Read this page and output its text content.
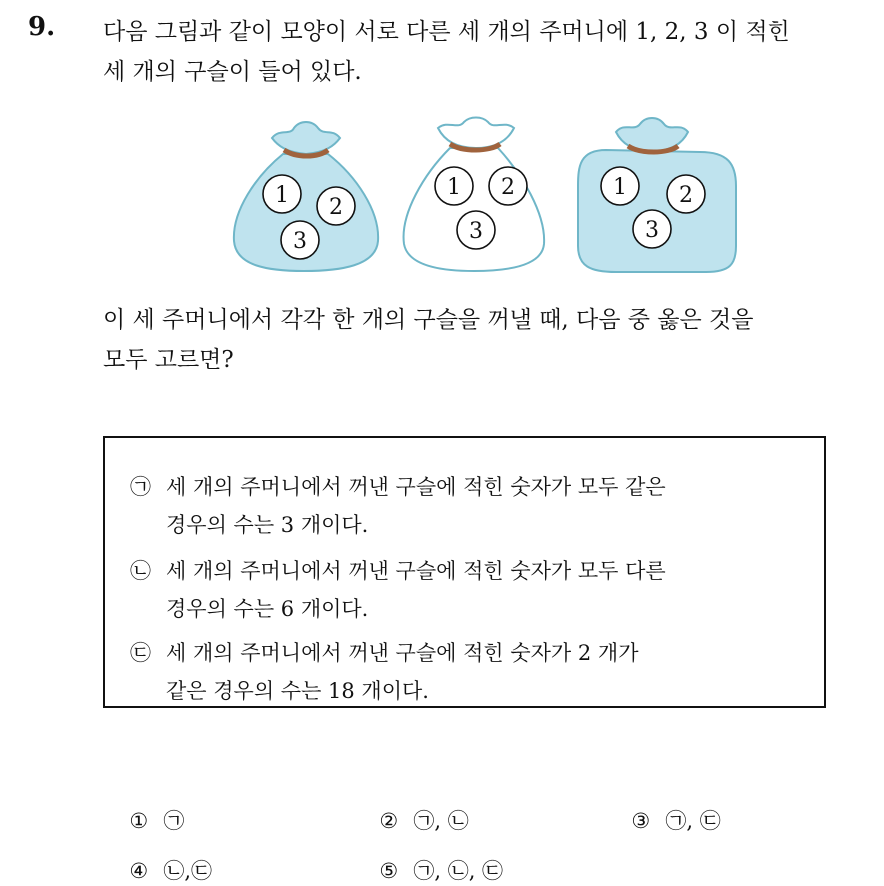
9. 다음 그림과 같이 모양이 서로 다른 세 개의 주머니에 1, 2, 3 이 적힌
세 개의 구슬이 들어 있다.
1 2
3
1 2
3
1 2
3
이 세 주머니에서 각각 한 개의 구슬을 꺼낼 때, 다음 중 옳은 것을
모두 고르면?
㉠ 세 개의 주머니에서 꺼낸 구슬에 적힌 숫자가 모두 같은
경우의 수는 3 개이다.
㉡ 세 개의 주머니에서 꺼낸 구슬에 적힌 숫자가 모두 다른
경우의 수는 6 개이다.
㉢ 세 개의 주머니에서 꺼낸 구슬에 적힌 숫자가 2 개가
같은 경우의 수는 18 개이다.

① ㉠	② ㉠, ㉡	③ ㉠, ㉢

④ ㉡,㉢	⑤ ㉠, ㉡, ㉢
